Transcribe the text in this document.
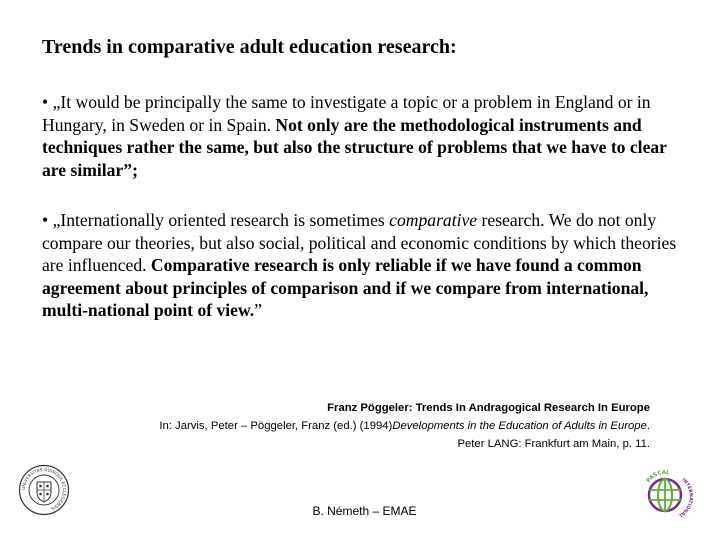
Trends in comparative adult education research:
• „It would be principally the same to investigate a topic or a problem in England or in Hungary, in Sweden or in Spain. Not only are the methodological instruments and techniques rather the same, but also the structure of problems that we have to clear are similar”;
• „Internationally oriented research is sometimes comparative research. We do not only compare our theories, but also social, political and economic conditions by which theories are influenced. Comparative research is only reliable if we have found a common agreement about principles of comparison and if we compare from international, multi-national point of view.”
Franz Pöggeler: Trends In Andragogical Research In Europe
In: Jarvis, Peter – Pöggeler, Franz (ed.) (1994)Developments in the Education of Adults in Europe.
Peter LANG: Frankfurt am Main, p. 11.
UNIVERSITAS QUINQUE ECCLESIENSIS
PASCAL
INTERNATIONAL
B. Németh – EMAE
